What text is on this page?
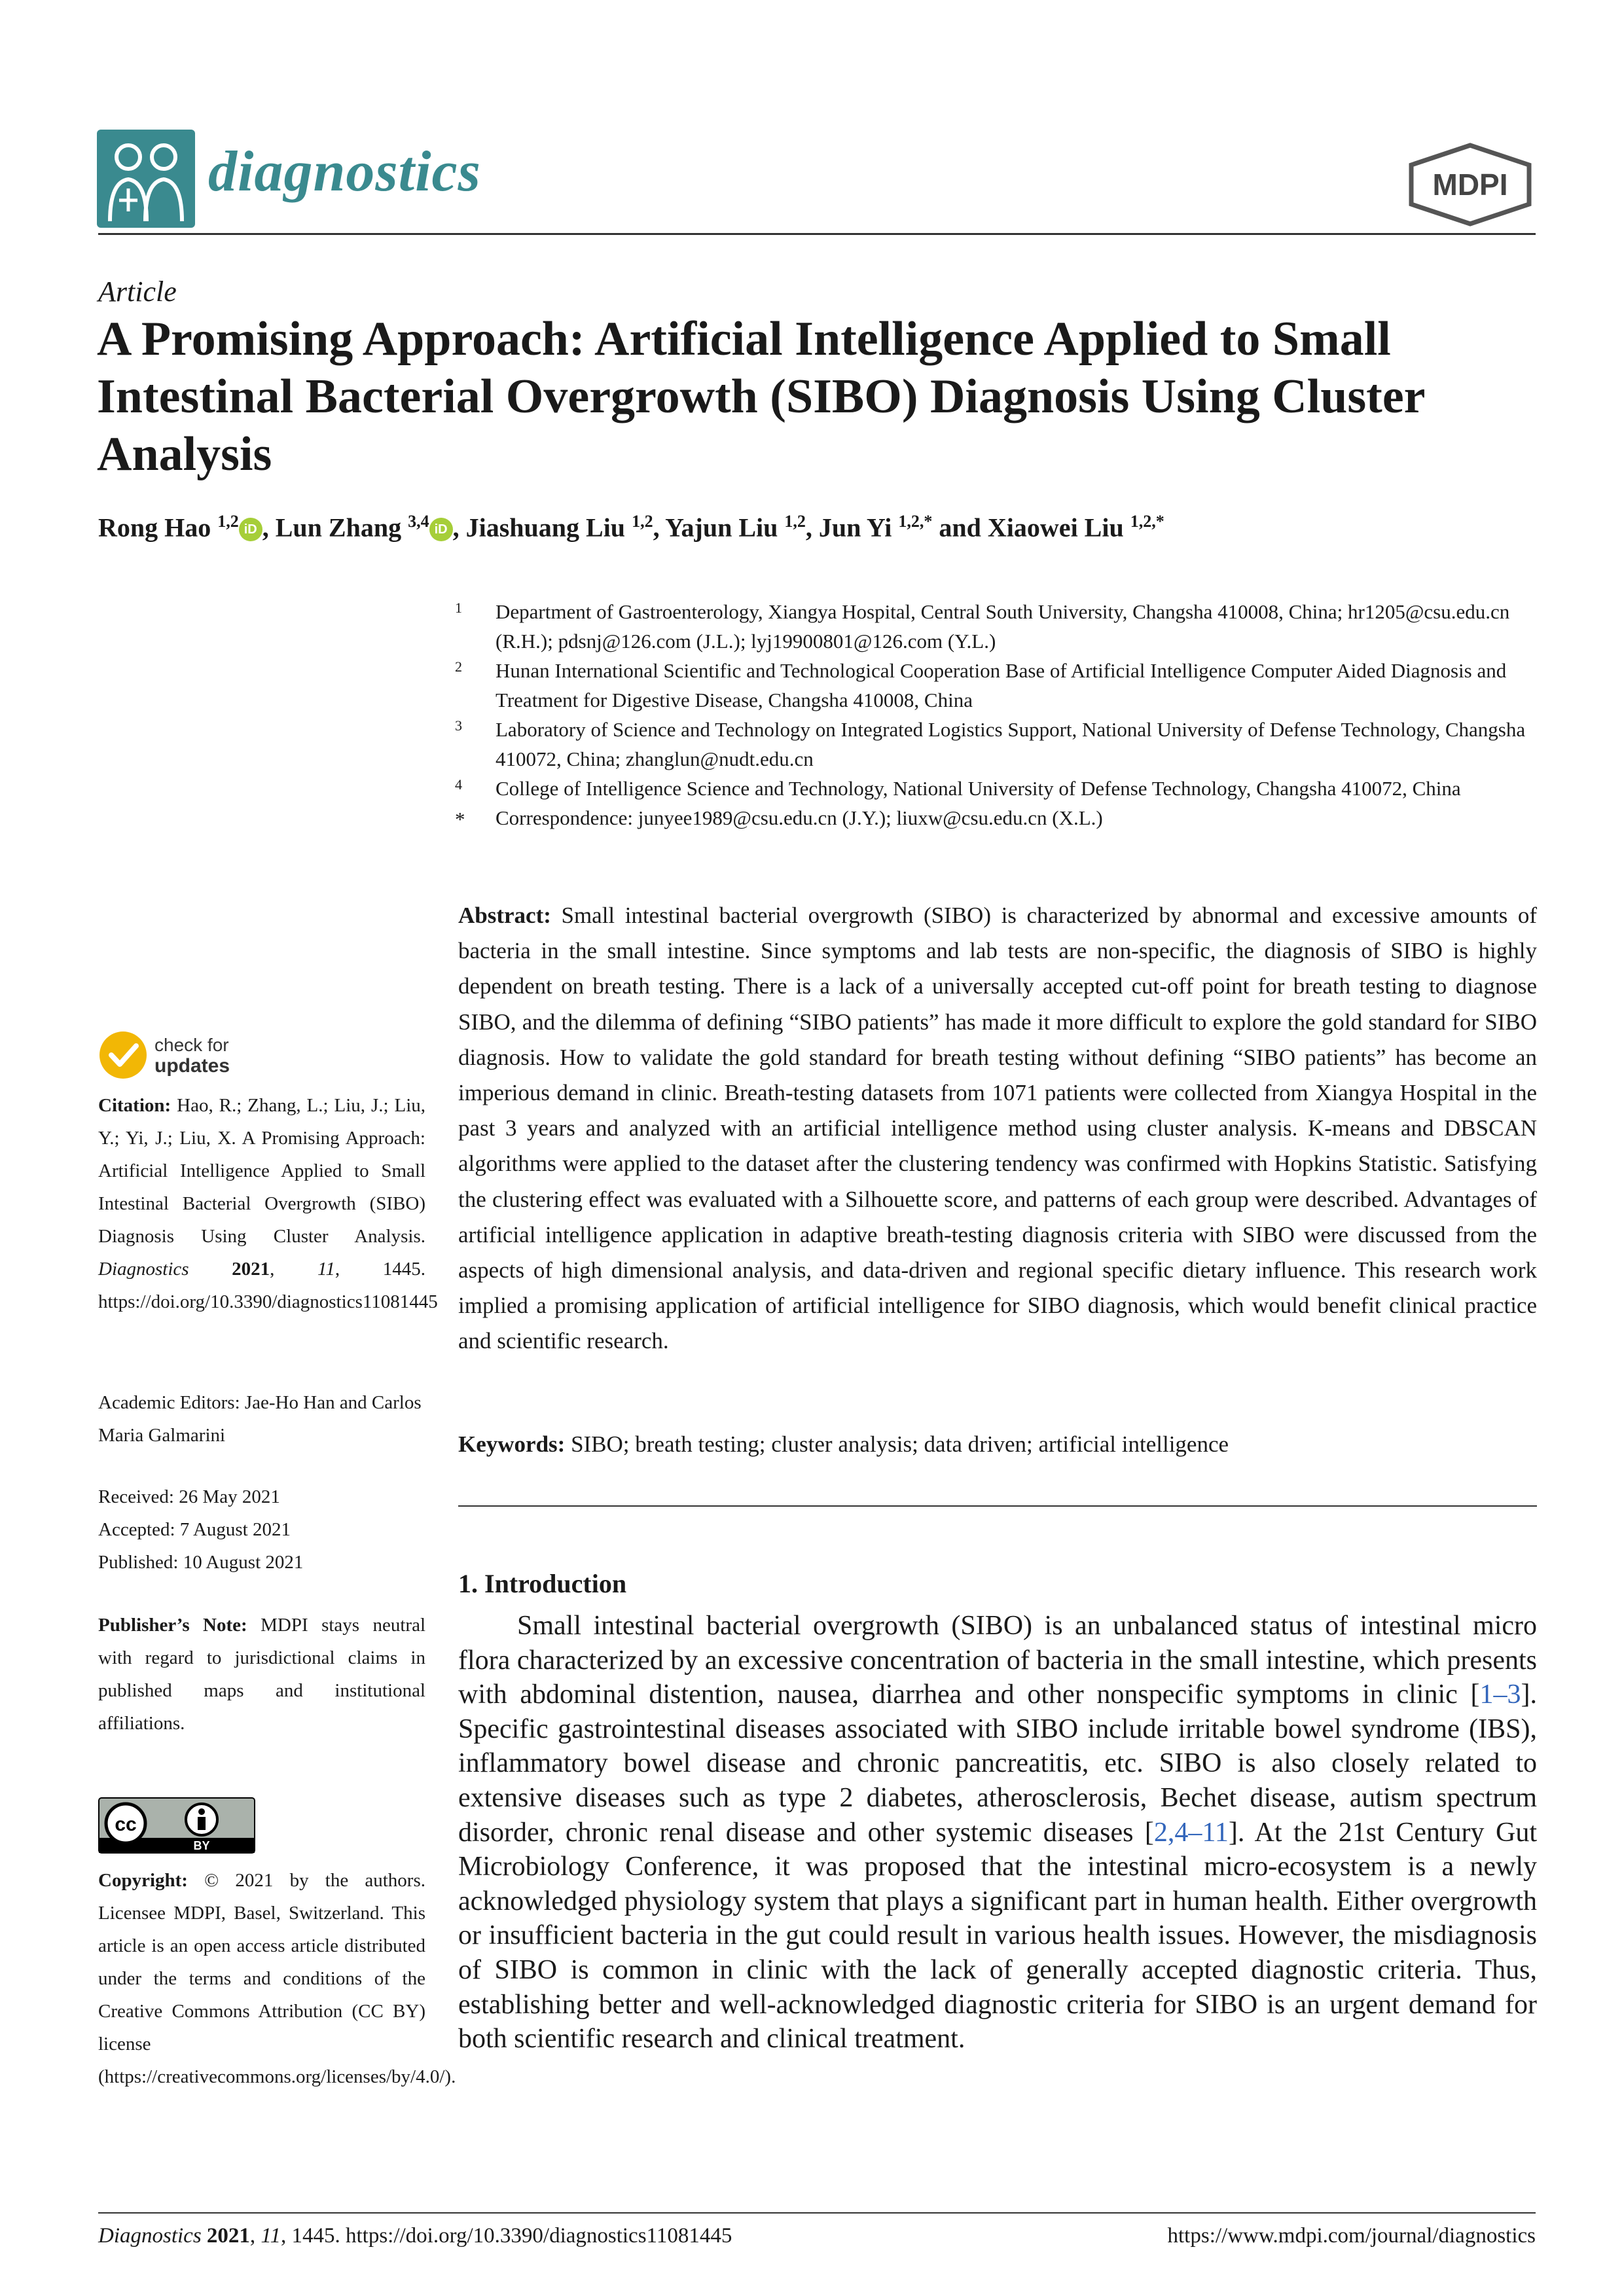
diagnostics	MDPI
Article
A Promising Approach: Artificial Intelligence Applied to Small Intestinal Bacterial Overgrowth (SIBO) Diagnosis Using Cluster Analysis
Rong Hao $^{1,2}$ iD , Lun Zhang $^{3,4}$ iD , Jiashuang Liu $^{1,2}$, Yajun Liu $^{1,2}$, Jun Yi $^{1,2,*}$ and Xiaowei Liu $^{1,2,*}$
1 Department of Gastroenterology, Xiangya Hospital, Central South University, Changsha 410008, China; hr1205@csu.edu.cn (R.H.); pdsnj@126.com (J.L.); lyj19900801@126.com (Y.L.)
2 Hunan International Scientific and Technological Cooperation Base of Artificial Intelligence Computer Aided Diagnosis and Treatment for Digestive Disease, Changsha 410008, China
3 Laboratory of Science and Technology on Integrated Logistics Support, National University of Defense Technology, Changsha 410072, China; zhanglun@nudt.edu.cn
4 College of Intelligence Science and Technology, National University of Defense Technology, Changsha 410072, China
* Correspondence: junyee1989@csu.edu.cn (J.Y.); liuxw@csu.edu.cn (X.L.)
check for
updates
Citation: Hao, R.; Zhang, L.; Liu, J.; Liu, Y.; Yi, J.; Liu, X. A Promising Approach: Artificial Intelligence Applied to Small Intestinal Bacterial Overgrowth (SIBO) Diagnosis Using Cluster Analysis. Diagnostics 2021, 11, 1445. https://doi.org/10.3390/diagnostics11081445
Academic Editors: Jae-Ho Han and Carlos Maria Galmarini
Received: 26 May 2021
Accepted: 7 August 2021
Published: 10 August 2021
Publisher’s Note: MDPI stays neutral with regard to jurisdictional claims in published maps and institutional affiliations.
cc
BY
Copyright: © 2021 by the authors. Licensee MDPI, Basel, Switzerland. This article is an open access article distributed under the terms and conditions of the Creative Commons Attribution (CC BY) license (https://creativecommons.org/licenses/by/4.0/).
Abstract: Small intestinal bacterial overgrowth (SIBO) is characterized by abnormal and excessive amounts of bacteria in the small intestine. Since symptoms and lab tests are non-specific, the diagnosis of SIBO is highly dependent on breath testing. There is a lack of a universally accepted cut-off point for breath testing to diagnose SIBO, and the dilemma of defining “SIBO patients” has made it more difficult to explore the gold standard for SIBO diagnosis. How to validate the gold standard for breath testing without defining “SIBO patients” has become an imperious demand in clinic. Breath-testing datasets from 1071 patients were collected from Xiangya Hospital in the past 3 years and analyzed with an artificial intelligence method using cluster analysis. K-means and DBSCAN algorithms were applied to the dataset after the clustering tendency was confirmed with Hopkins Statistic. Satisfying the clustering effect was evaluated with a Silhouette score, and patterns of each group were described. Advantages of artificial intelligence application in adaptive breath-testing diagnosis criteria with SIBO were discussed from the aspects of high dimensional analysis, and data-driven and regional specific dietary influence. This research work implied a promising application of artificial intelligence for SIBO diagnosis, which would benefit clinical practice and scientific research.
Keywords: SIBO; breath testing; cluster analysis; data driven; artificial intelligence
1. Introduction
Small intestinal bacterial overgrowth (SIBO) is an unbalanced status of intestinal micro flora characterized by an excessive concentration of bacteria in the small intestine, which presents with abdominal distention, nausea, diarrhea and other nonspecific symptoms in clinic [1–3]. Specific gastrointestinal diseases associated with SIBO include irritable bowel syndrome (IBS), inflammatory bowel disease and chronic pancreatitis, etc. SIBO is also closely related to extensive diseases such as type 2 diabetes, atherosclerosis, Bechet disease, autism spectrum disorder, chronic renal disease and other systemic diseases [2,4–11]. At the 21st Century Gut Microbiology Conference, it was proposed that the intestinal micro-ecosystem is a newly acknowledged physiology system that plays a significant part in human health. Either overgrowth or insufficient bacteria in the gut could result in various health issues. However, the misdiagnosis of SIBO is common in clinic with the lack of generally accepted diagnostic criteria. Thus, establishing better and well-acknowledged diagnostic criteria for SIBO is an urgent demand for both scientific research and clinical treatment.
Diagnostics 2021, 11, 1445. https://doi.org/10.3390/diagnostics11081445	https://www.mdpi.com/journal/diagnostics
